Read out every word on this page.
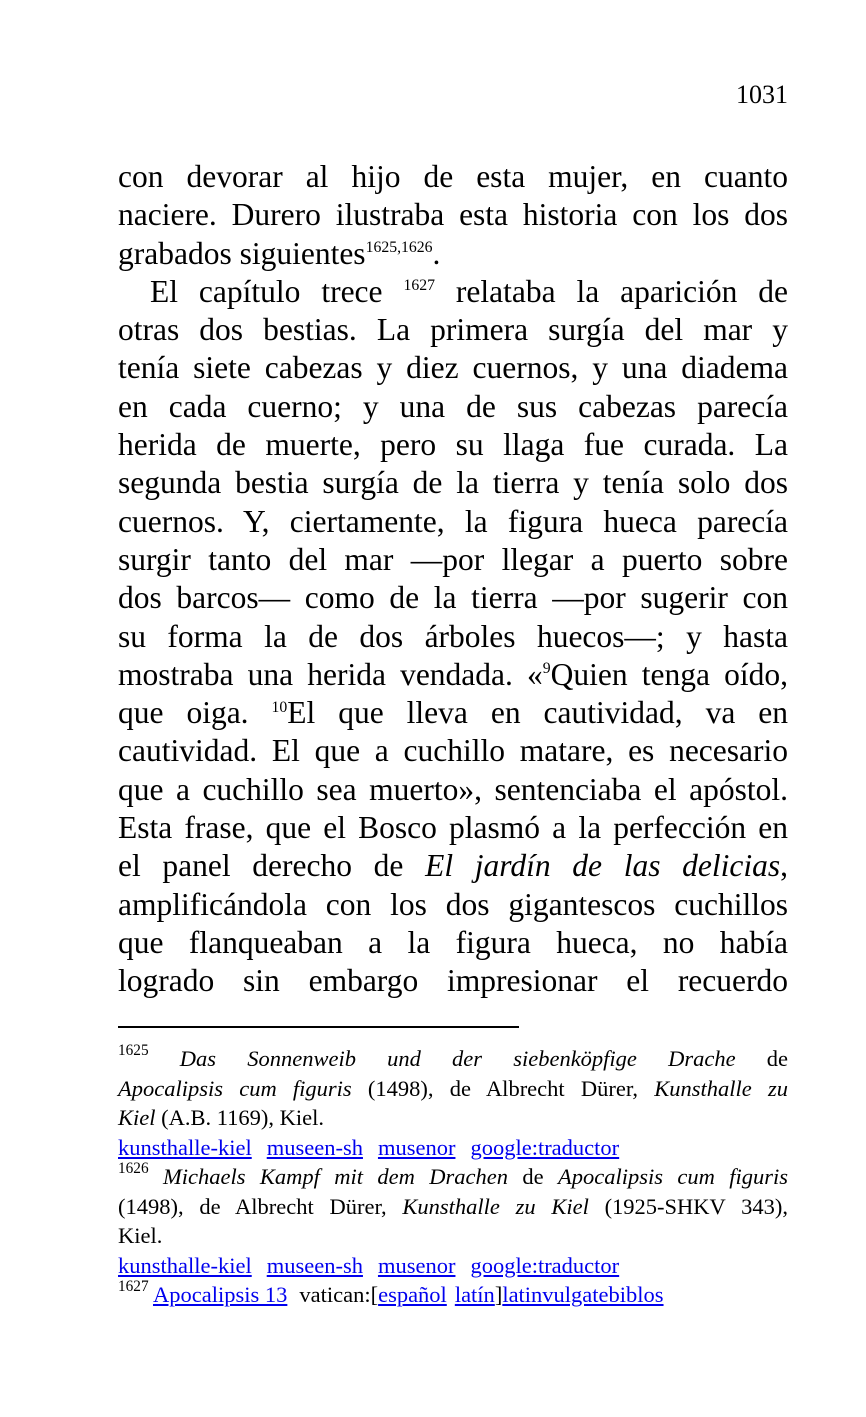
1031
con devorar al hijo de esta mujer, en cuanto
naciere. Durero ilustraba esta historia con los dos
grabados siguientes$^{1625,1626}$.
El capítulo trece $^{1627}$ relataba la aparición de
otras dos bestias. La primera surgía del mar y
tenía siete cabezas y diez cuernos, y una diadema
en cada cuerno; y una de sus cabezas parecía
herida de muerte, pero su llaga fue curada. La
segunda bestia surgía de la tierra y tenía solo dos
cuernos. Y, ciertamente, la figura hueca parecía
surgir tanto del mar —por llegar a puerto sobre
dos barcos— como de la tierra —por sugerir con
su forma la de dos árboles huecos—; y hasta
mostraba una herida vendada. «$^9$Quien tenga oído,
que oiga. $^{10}$El que lleva en cautividad, va en
cautividad. El que a cuchillo matare, es necesario
que a cuchillo sea muerto», sentenciaba el apóstol.
Esta frase, que el Bosco plasmó a la perfección en
el panel derecho de El jardín de las delicias,
amplificándola con los dos gigantescos cuchillos
que flanqueaban a la figura hueca, no había
logrado sin embargo impresionar el recuerdo
$^{1625}$ Das Sonnenweib und der siebenköpfige Drache de
Apocalipsis cum figuris (1498), de Albrecht Dürer, Kunsthalle zu
Kiel (A.B. 1169), Kiel.
kunsthalle-kiel museen-sh musenor google:traductor
$^{1626}$ Michaels Kampf mit dem Drachen de Apocalipsis cum figuris
(1498), de Albrecht Dürer, Kunsthalle zu Kiel (1925-SHKV 343),
Kiel.
kunsthalle-kiel museen-sh musenor google:traductor
$^{1627}$ Apocalipsis 13 vatican:[español latín]latinvulgatebiblos
